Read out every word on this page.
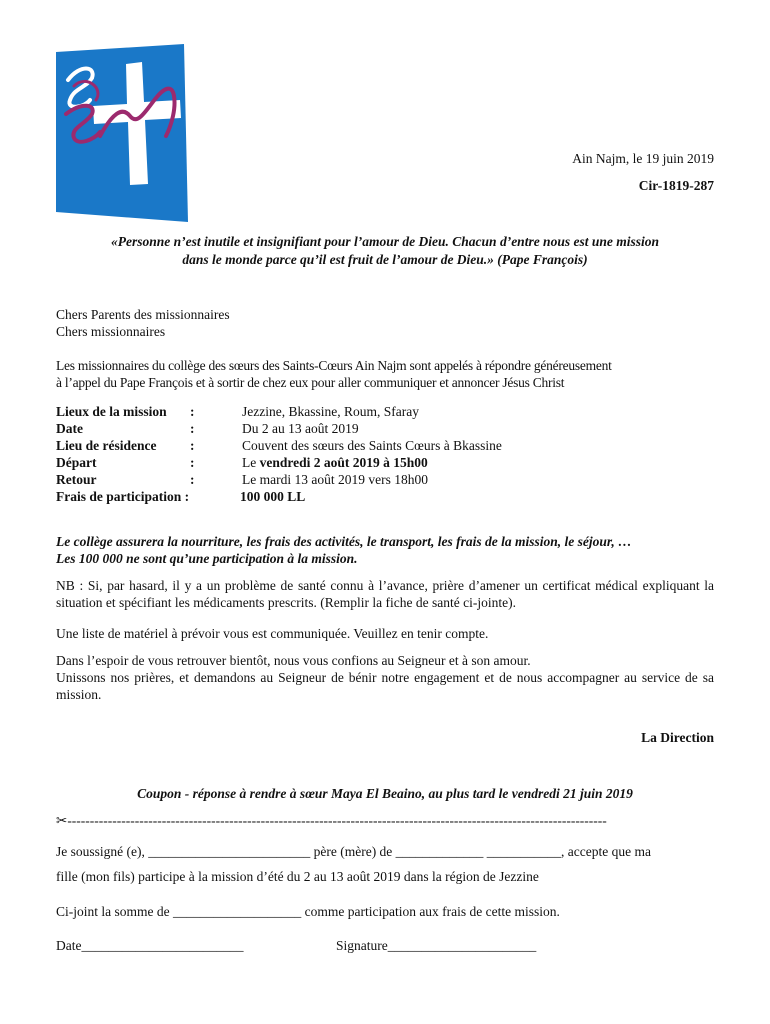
Ain Najm, le 19 juin 2019
Cir-1819-287
«Personne n’est inutile et insignifiant pour l’amour de Dieu. Chacun d’entre nous est une mission
dans le monde parce qu’il est fruit de l’amour de Dieu.» (Pape François)
Chers Parents des missionnaires
Chers missionnaires
Les missionnaires du collège des sœurs des Saints-Cœurs Ain Najm sont appelés à répondre généreusement
à l’appel du Pape François et à sortir de chez eux pour aller communiquer et annoncer Jésus Christ
Lieux de la mission :	Jezzine, Bkassine, Roum, Sfaray
Date	:	Du 2 au 13 août 2019
Lieu de résidence :	Couvent des sœurs des Saints Cœurs à Bkassine
Départ	:	Le vendredi 2 août 2019 à 15h00
Retour	:	Le mardi 13 août 2019 vers 18h00
Frais de participation :	100 000 LL
Le collège assurera la nourriture, les frais des activités, le transport, les frais de la mission, le séjour, …
Les 100 000 ne sont qu’une participation à la mission.
NB : Si, par hasard, il y a un problème de santé connu à l’avance, prière d’amener un certificat médical expliquant la situation et spécifiant les médicaments prescrits. (Remplir la fiche de santé ci-jointe).
Une liste de matériel à prévoir vous est communiquée. Veuillez en tenir compte.
Dans l’espoir de vous retrouver bientôt, nous vous confions au Seigneur et à son amour.
Unissons nos prières, et demandons au Seigneur de bénir notre engagement et de nous accompagner au service de sa mission.
La Direction
Coupon - réponse à rendre à sœur Maya El Beaino, au plus tard le vendredi 21 juin 2019
✂------------------------------------------------------------------------------------------------------------------------
Je soussigné (e), ________________________ père (mère) de _____________ ___________, accepte que ma
fille (mon fils) participe à la mission d’été du 2 au 13 août 2019 dans la région de Jezzine
Ci-joint la somme de ___________________ comme participation aux frais de cette mission.
Date________________________	Signature______________________
